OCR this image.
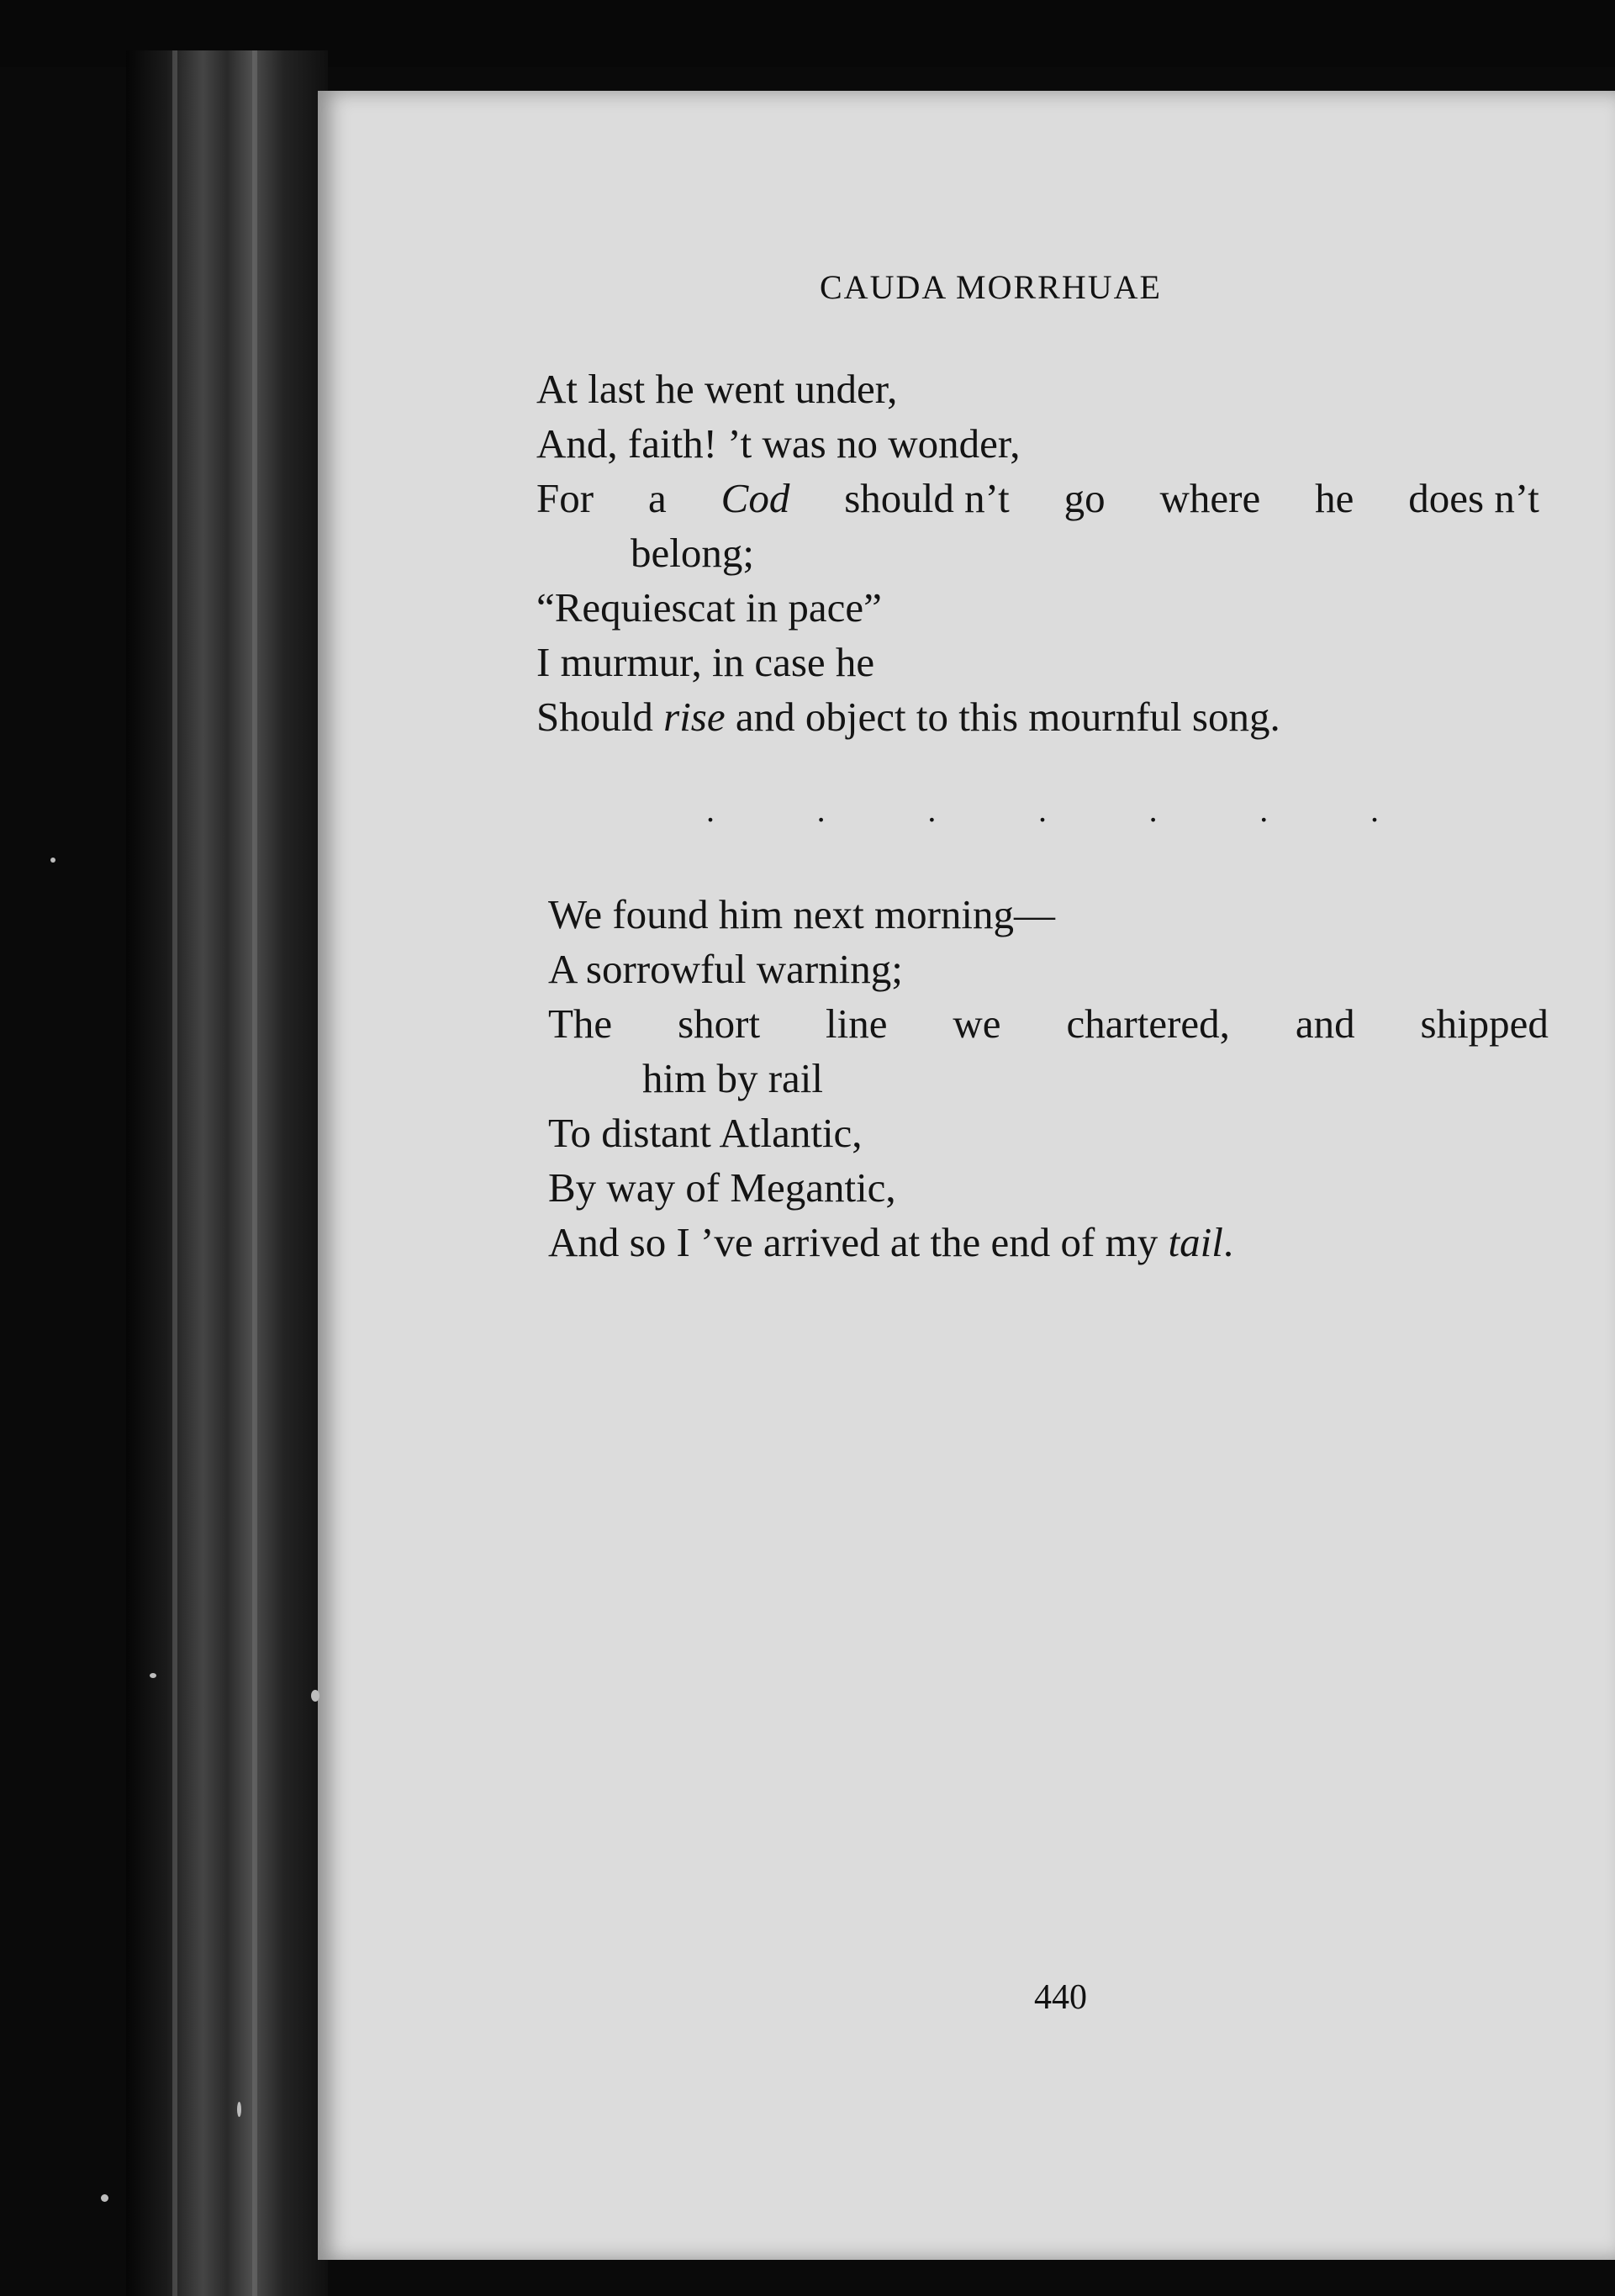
CAUDA MORRHUAE
At last he went under,
And, faith! ’t was no wonder,
For a Cod should n’t go where he does n’t
belong;
“Requiescat in pace”
I murmur, in case he
Should rise and object to this mournful song.
.	.	.	.	.	.	.
We found him next morning—
A sorrowful warning;
The short line we chartered, and shipped
him by rail
To distant Atlantic,
By way of Megantic,
And so I ’ve arrived at the end of my tail.
440
